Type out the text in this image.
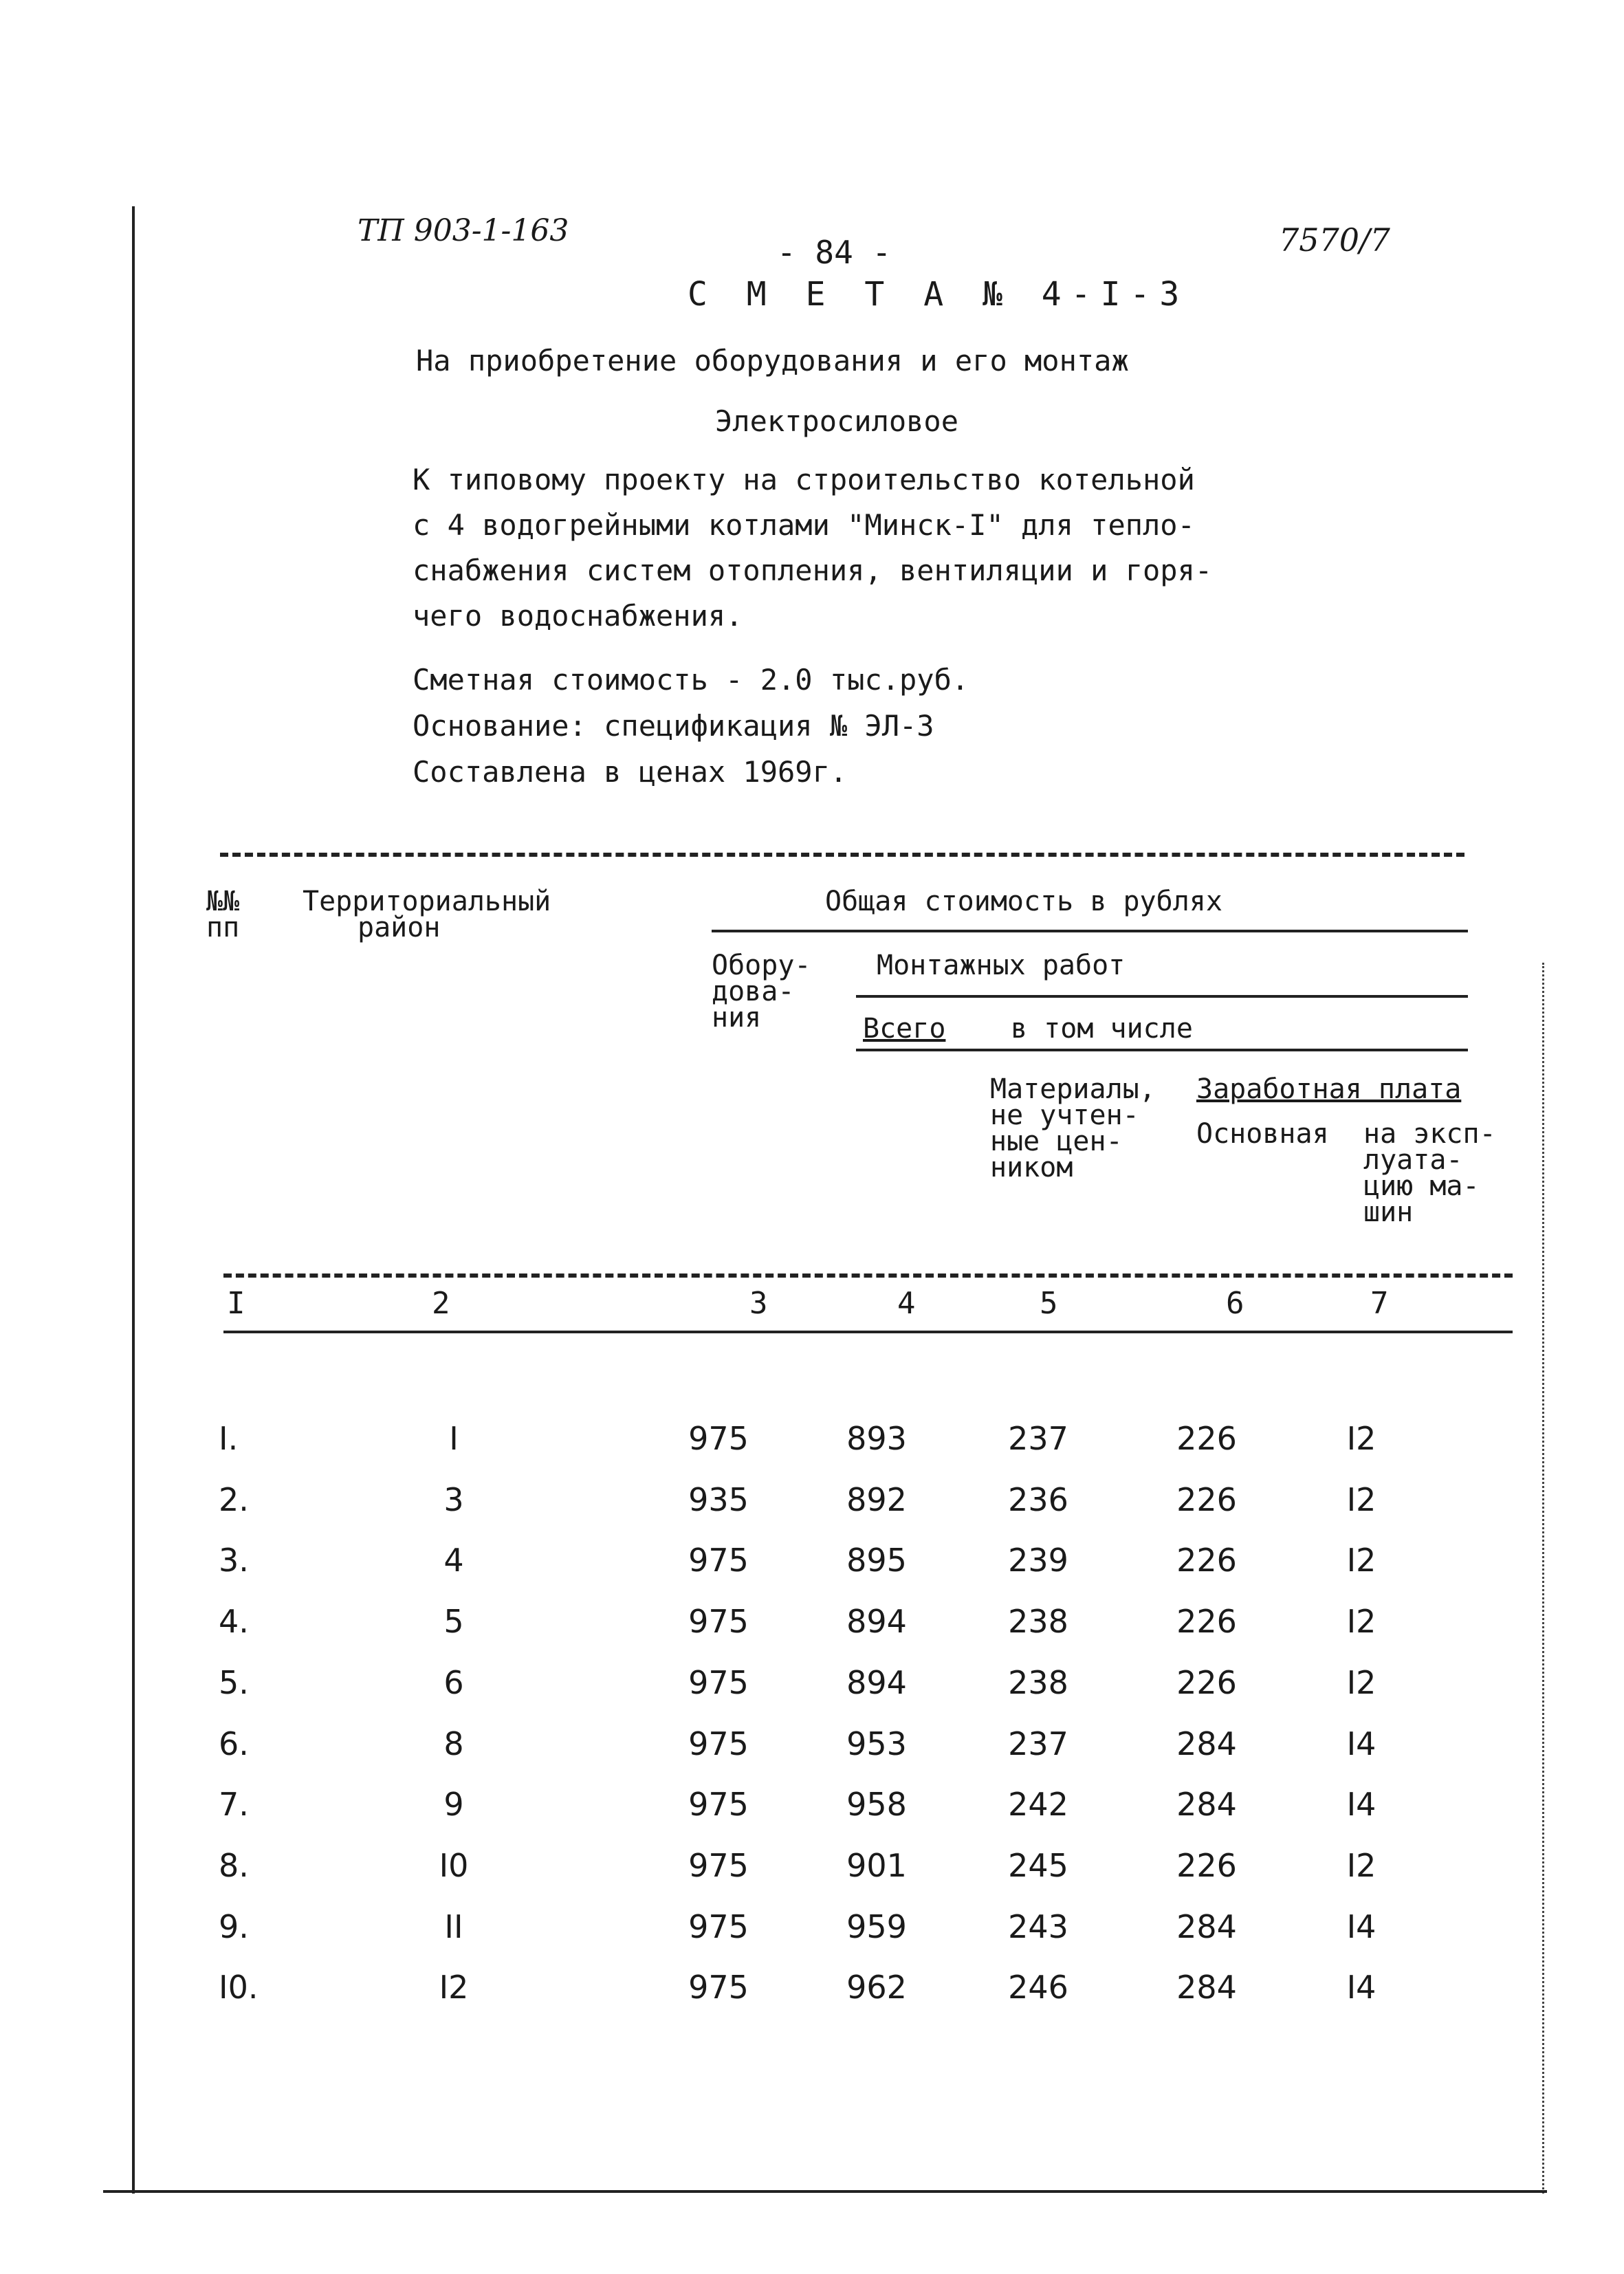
ТП 903-1-163
- 84 -	7570/7
С М Е Т А № 4-I-3
На приобретение оборудования и его монтаж
Электросиловое
К типовому проекту на строительство котельной
с 4 водогрейными котлами "Минск-I" для тепло-
снабжения систем отопления, вентиляции и горя-
чего водоснабжения.
Сметная стоимость - 2.0 тыс.руб.
Основание: спецификация № ЭЛ-3
Составлена в ценах 1969г.
№№
пп
Территориальный
район
Общая стоимость в рублях
Обору-
дова-
ния
Монтажных работ
Всего в том числе
Материалы,
не учтен-
ные цен-
ником
Заработная плата
Основная на эксп-
луата-
цию ма-
шин
I	2	3	4	5	6	7
I.	I	975	893	237	226	I2
2.	3	935	892	236	226	I2
3.	4	975	895	239	226	I2
4.	5	975	894	238	226	I2
5.	6	975	894	238	226	I2
6.	8	975	953	237	284	I4
7.	9	975	958	242	284	I4
8.	I0	975	901	245	226	I2
9.	II	975	959	243	284	I4
I0.	I2	975	962	246	284	I4
